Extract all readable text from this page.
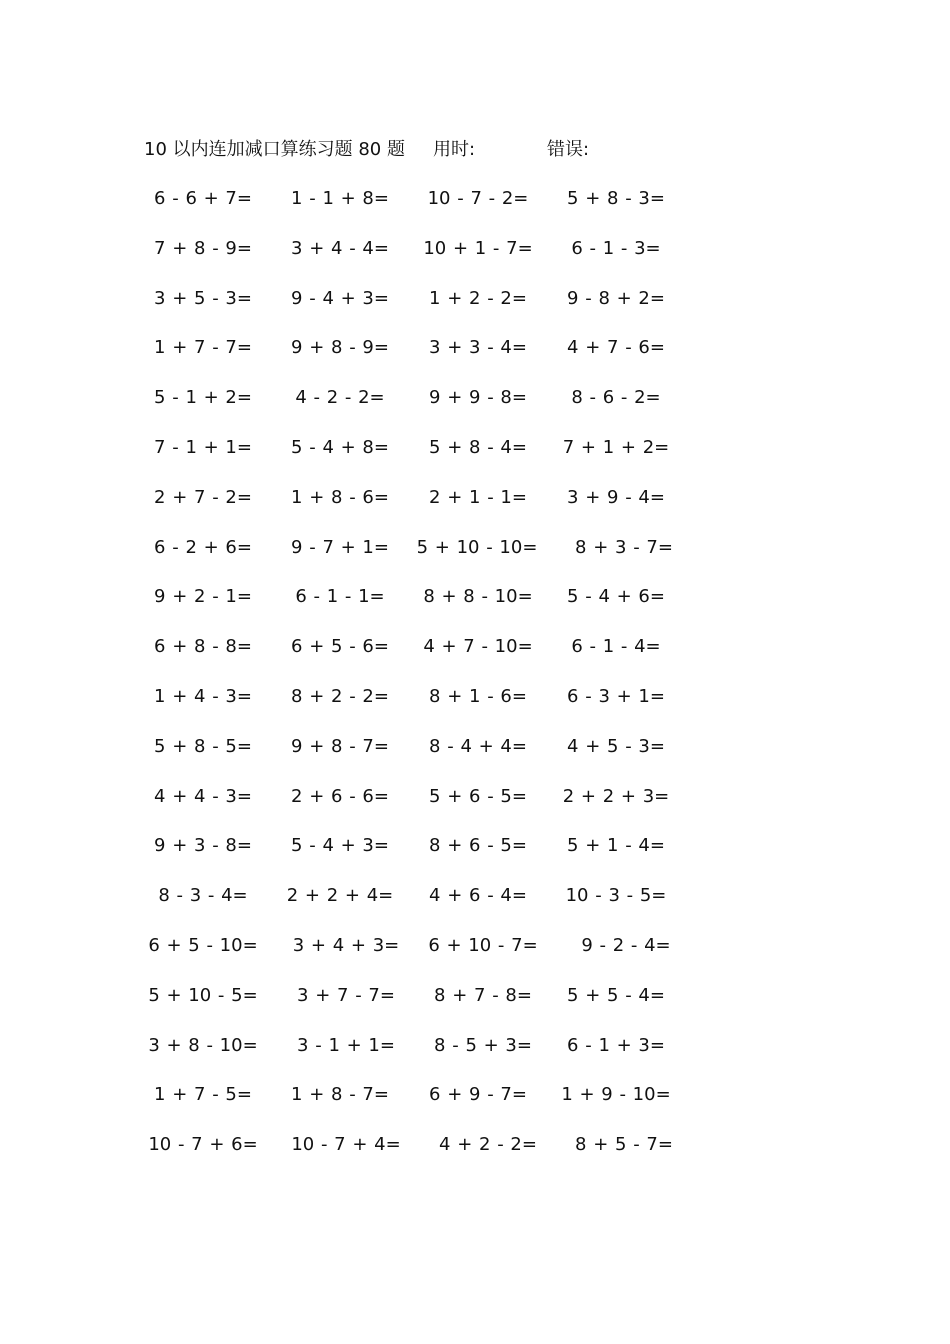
10 以内连加减口算练习题 80 题 用时:	错误:
6 - 6 + 7=	1 - 1 + 8=	10 - 7 - 2=	5 + 8 - 3=
7 + 8 - 9=	3 + 4 - 4=	10 + 1 - 7=	6 - 1 - 3=
3 + 5 - 3=	9 - 4 + 3=	1 + 2 - 2=	9 - 8 + 2=
1 + 7 - 7=	9 + 8 - 9=	3 + 3 - 4=	4 + 7 - 6=
5 - 1 + 2=	4 - 2 - 2=	9 + 9 - 8=	8 - 6 - 2=
7 - 1 + 1=	5 - 4 + 8=	5 + 8 - 4=	7 + 1 + 2=
2 + 7 - 2=	1 + 8 - 6=	2 + 1 - 1=	3 + 9 - 4=
6 - 2 + 6=	9 - 7 + 1=	5 + 10 - 10=	8 + 3 - 7=
9 + 2 - 1=	6 - 1 - 1=	8 + 8 - 10=	5 - 4 + 6=
6 + 8 - 8=	6 + 5 - 6=	4 + 7 - 10=	6 - 1 - 4=
1 + 4 - 3=	8 + 2 - 2=	8 + 1 - 6=	6 - 3 + 1=
5 + 8 - 5=	9 + 8 - 7=	8 - 4 + 4=	4 + 5 - 3=
4 + 4 - 3=	2 + 6 - 6=	5 + 6 - 5=	2 + 2 + 3=
9 + 3 - 8=	5 - 4 + 3=	8 + 6 - 5=	5 + 1 - 4=
8 - 3 - 4=	2 + 2 + 4=	4 + 6 - 4=	10 - 3 - 5=
6 + 5 - 10=	3 + 4 + 3=	6 + 10 - 7=	9 - 2 - 4=
5 + 10 - 5=	3 + 7 - 7=	8 + 7 - 8=	5 + 5 - 4=
3 + 8 - 10=	3 - 1 + 1=	8 - 5 + 3=	6 - 1 + 3=
1 + 7 - 5=	1 + 8 - 7=	6 + 9 - 7=	1 + 9 - 10=
10 - 7 + 6=	10 - 7 + 4=	4 + 2 - 2=	8 + 5 - 7=
